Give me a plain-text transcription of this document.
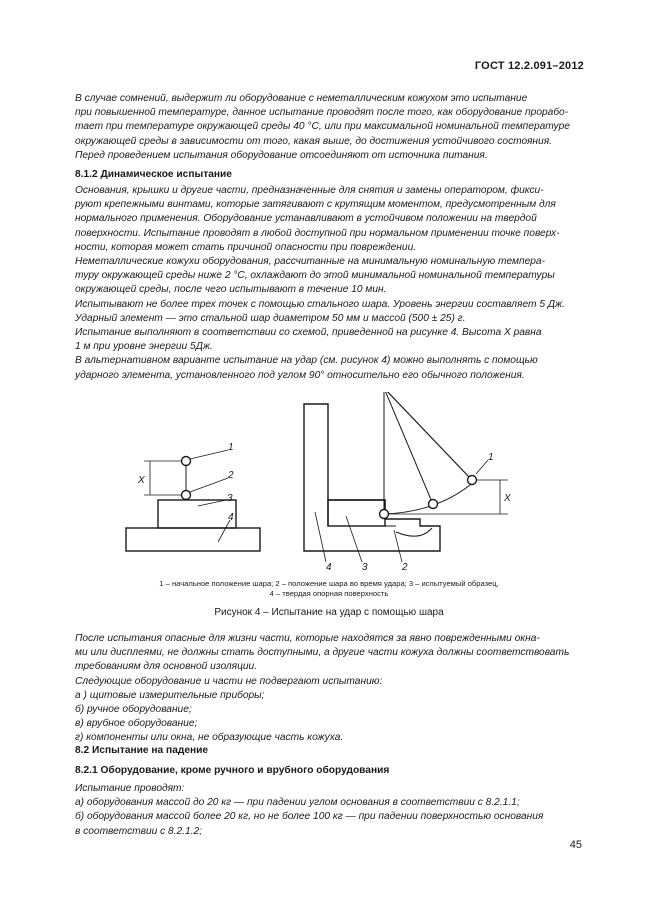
ГОСТ 12.2.091–2012
В случае сомнений, выдержит ли оборудование с неметаллическим кожухом это испытание
при повышенной температуре, данное испытание проводят после того, как оборудование прорабо-
тает при температуре окружающей среды 40 °С, или при максимальной номинальной температуре
окружающей среды в зависимости от того, какая выше, до достижения устойчивого состояния.
Перед проведением испытания оборудование отсоединяют от источника питания.
8.1.2 Динамическое испытание
Основания, крышки и другие части, предназначенные для снятия и замены оператором, фикси-
руют крепежными винтами, которые затягивают с крутящим моментом, предусмотренным для
нормального применения. Оборудование устанавливают в устойчивом положении на твердой
поверхности. Испытание проводят в любой доступной при нормальном применении точке поверх-
ности, которая может стать причиной опасности при повреждении.
Неметаллические кожухи оборудования, рассчитанные на минимальную номинальную темпера-
туру окружающей среды ниже 2 °С, охлаждают до этой минимальной номинальной температуры
окружающей среды, после чего испытывают в течение 10 мин.
Испытывают не более трех точек с помощью стального шара. Уровень энергии составляет 5 Дж.
Ударный элемент — это стальной шар диаметром 50 мм и массой (500 ± 25) г.
Испытание выполняют в соответствии со схемой, приведенной на рисунке 4. Высота X равна
1 м при уровне энергии 5Дж.
В альтернативном варианте испытание на удар (см. рисунок 4) можно выполнять с помощью
ударного элемента, установленного под углом 90° относительно его обычного положения.
1
2
3
4
X
1
2
3
4
X
1 – начальное положение шара; 2 – положение шара во время удара; 3 – испытуемый образец,
4 – твердая опорная поверхность
Рисунок 4 – Испытание на удар с помощью шара
После испытания опасные для жизни части, которые находятся за явно поврежденными окна-
ми или дисплеями, не должны стать доступными, а другие части кожуха должны соответствовать
требованиям для основной изоляции.
Следующие оборудование и части не подвергают испытанию:
а ) щитовые измерительные приборы;
б) ручное оборудование;
в) врубное оборудование;
г) компоненты или окна, не образующие часть кожуха.
8.2 Испытание на падение
8.2.1 Оборудование, кроме ручного и врубного оборудования
Испытание проводят:
а) оборудования массой до 20 кг — при падении углом основания в соответствии с 8.2.1.1;
б) оборудования массой более 20 кг, но не более 100 кг — при падении поверхностью основания
в соответствии с 8.2.1.2;
45
